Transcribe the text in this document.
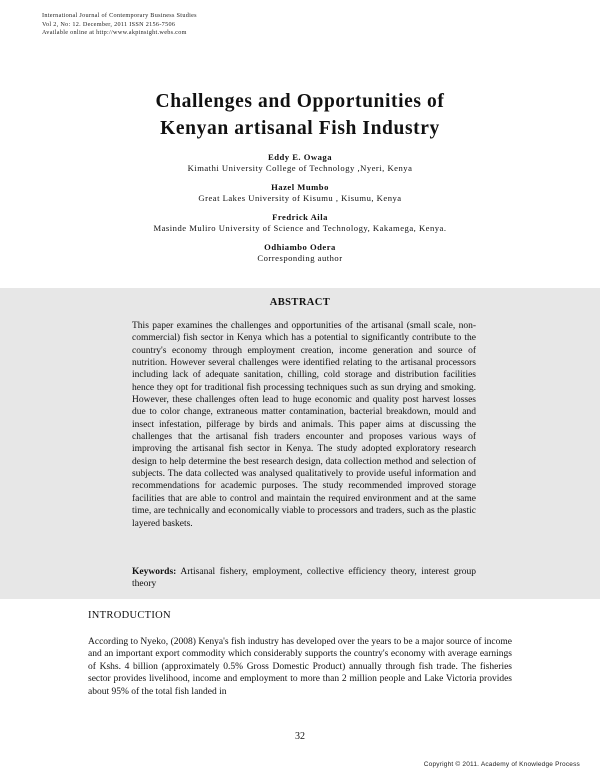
International Journal of Contemporary Business Studies
Vol 2, No: 12. December, 2011 ISSN 2156-7506
Available online at http://www.akpinsight.webs.com
Challenges and Opportunities of
Kenyan artisanal Fish Industry
Eddy E. Owaga
Kimathi University College of Technology ,Nyeri, Kenya
Hazel Mumbo
Great Lakes University of Kisumu , Kisumu, Kenya
Fredrick Aila
Masinde Muliro University of Science and Technology, Kakamega, Kenya.
Odhiambo Odera
Corresponding author
ABSTRACT
This paper examines the challenges and opportunities of the artisanal (small scale, non-commercial) fish sector in Kenya which has a potential to significantly contribute to the country's economy through employment creation, income generation and source of nutrition. However several challenges were identified relating to the artisanal processors including lack of adequate sanitation, chilling, cold storage and distribution facilities hence they opt for traditional fish processing techniques such as sun drying and smoking. However, these challenges often lead to huge economic and quality post harvest losses due to color change, extraneous matter contamination, bacterial breakdown, mould and insect infestation, pilferage by birds and animals. This paper aims at discussing the challenges that the artisanal fish traders encounter and proposes various ways of improving the artisanal fish sector in Kenya. The study adopted exploratory research design to help determine the best research design, data collection method and selection of subjects. The data collected was analysed qualitatively to provide useful information and recommendations for academic purposes. The study recommended improved storage facilities that are able to control and maintain the required environment and at the same time, are technically and economically viable to processors and traders, such as the plastic layered baskets.
Keywords: Artisanal fishery, employment, collective efficiency theory, interest group theory
INTRODUCTION
According to Nyeko, (2008) Kenya's fish industry has developed over the years to be a major source of income and an important export commodity which considerably supports the country's economy with average earnings of Kshs. 4 billion (approximately 0.5% Gross Domestic Product) annually through fish trade. The fisheries sector provides livelihood, income and employment to more than 2 million people and Lake Victoria provides about 95% of the total fish landed in
32
Copyright © 2011. Academy of Knowledge Process
